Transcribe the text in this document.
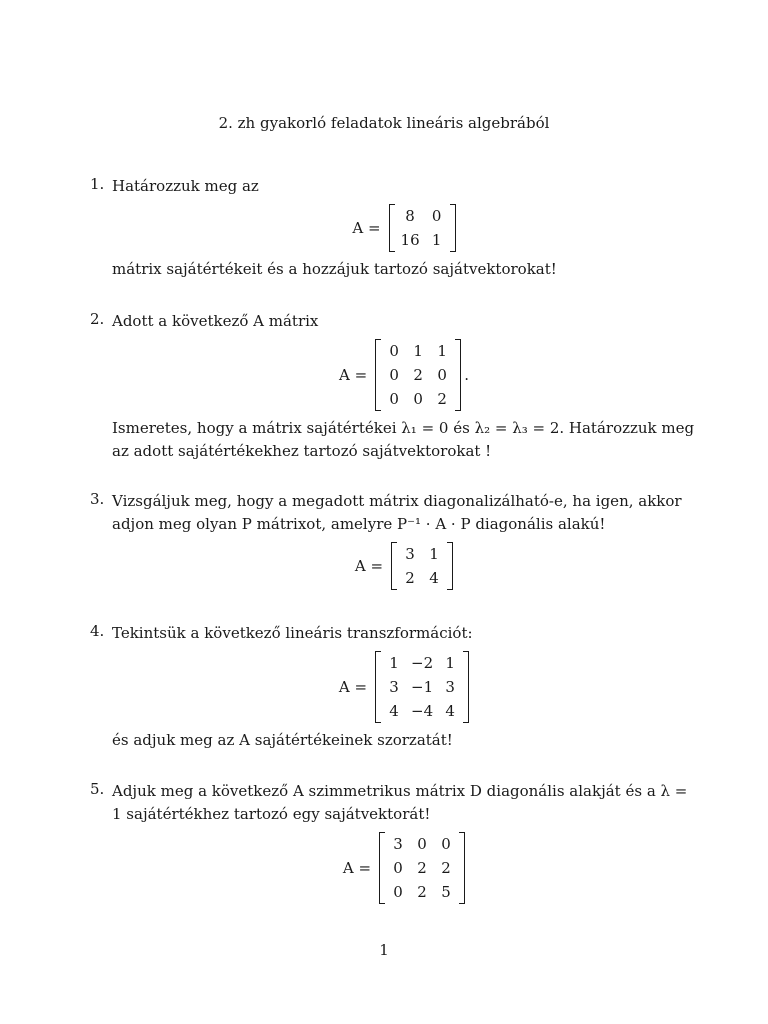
2. zh gyakorló feladatok lineáris algebrából
1. Határozzuk meg az
A =
8	0
16 1
mátrix sajátértékeit és a hozzájuk tartozó sajátvektorokat!
2. Adott a következő A mátrix
A =
0 1 1
0 2 0
0 0 2
.
Ismeretes, hogy a mátrix sajátértékei λ₁ = 0 és λ₂ = λ₃ = 2. Határozzuk meg az adott sajátértékekhez tartozó sajátvektorokat !
3. Vizsgáljuk meg, hogy a megadott mátrix diagonalizálható-e, ha igen, akkor adjon meg olyan P mátrixot, amelyre P⁻¹ · A · P diagonális alakú!
A =
3 1
2 4
4. Tekintsük a következő lineáris transzformációt:
A =
1 −2 1
3 −1 3
4 −4 4
és adjuk meg az A sajátértékeinek szorzatát!
5. Adjuk meg a következő A szimmetrikus mátrix D diagonális alakját és a λ = 1 sajátértékhez tartozó egy sajátvektorát!
A =
3 0 0
0 2 2
0 2 5
1
